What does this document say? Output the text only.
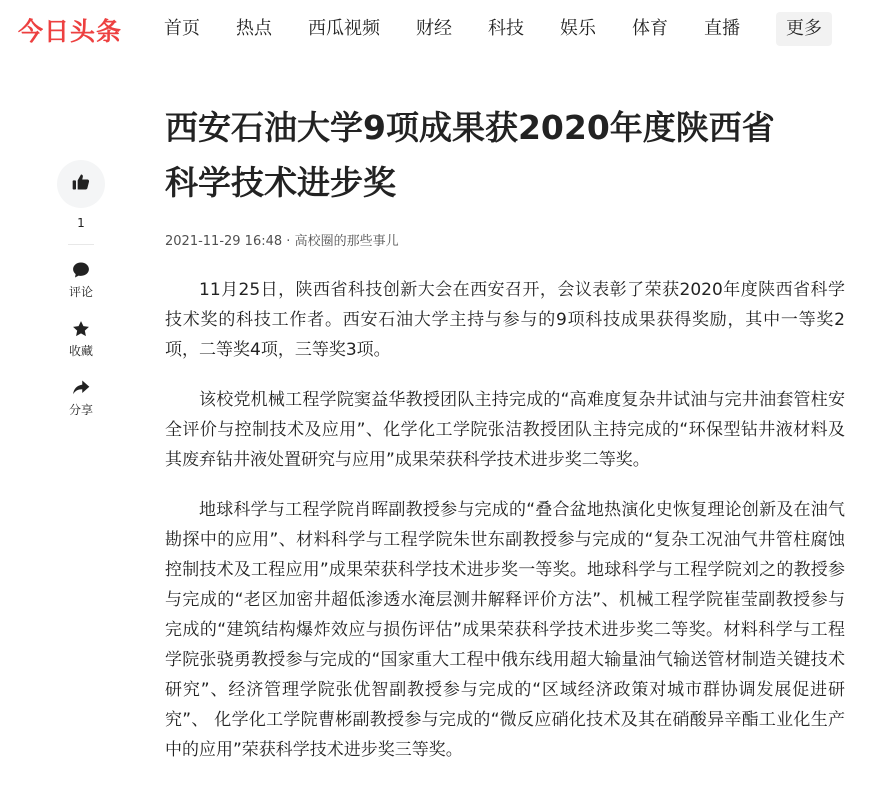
今日头条 首页 热点 西瓜视频 财经 科技 娱乐 体育 直播	更多
1
评论
收藏
分享
西安石油大学9项成果获2020年度陕西省
科学技术进步奖
2021-11-29 16:48 · 高校圈的那些事儿

11月25日，陕西省科技创新大会在西安召开，会议表彰了荣获2020年度陕西省科学技术奖的科技工作者。西安石油大学主持与参与的9项科技成果获得奖励，其中一等奖2项，二等奖4项，三等奖3项。

该校党机械工程学院窦益华教授团队主持完成的“高难度复杂井试油与完井油套管柱安全评价与控制技术及应用”、化学化工学院张洁教授团队主持完成的“环保型钻井液材料及其废弃钻井液处置研究与应用”成果荣获科学技术进步奖二等奖。

地球科学与工程学院肖晖副教授参与完成的“叠合盆地热演化史恢复理论创新及在油气勘探中的应用”、材料科学与工程学院朱世东副教授参与完成的“复杂工况油气井管柱腐蚀控制技术及工程应用”成果荣获科学技术进步奖一等奖。地球科学与工程学院刘之的教授参与完成的“老区加密井超低渗透水淹层测井解释评价方法”、机械工程学院崔莹副教授参与完成的“建筑结构爆炸效应与损伤评估”成果荣获科学技术进步奖二等奖。材料科学与工程学院张骁勇教授参与完成的“国家重大工程中俄东线用超大输量油气输送管材制造关键技术研究”、经济管理学院张优智副教授参与完成的“区域经济政策对城市群协调发展促进研究”、 化学化工学院曹彬副教授参与完成的“微反应硝化技术及其在硝酸异辛酯工业化生产中的应用”荣获科学技术进步奖三等奖。
